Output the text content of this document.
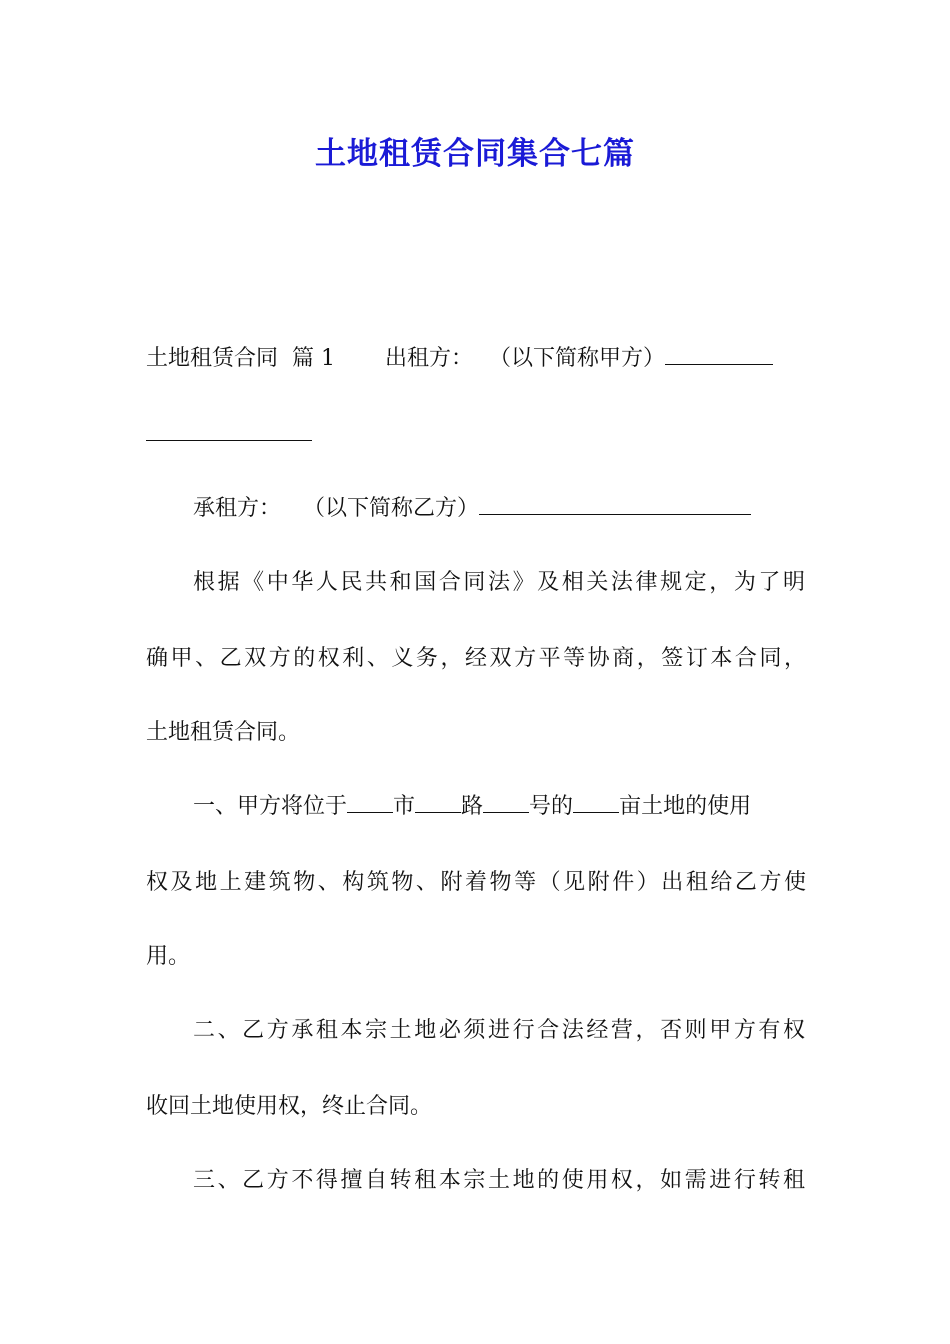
土地租赁合同集合七篇
土地租赁合同 篇 1 出租方： （以下简称甲方）
承租方： （以下简称乙方）
根据《中华人民共和国合同法》及相关法律规定，为了明
确甲、乙双方的权利、义务，经双方平等协商，签订本合同，
土地租赁合同。
一、甲方将位于 市 路 号的 亩土地的使用
权及地上建筑物、构筑物、附着物等（见附件）出租给乙方使
用。
二、乙方承租本宗土地必须进行合法经营，否则甲方有权
收回土地使用权，终止合同。
三、乙方不得擅自转租本宗土地的使用权，如需进行转租
